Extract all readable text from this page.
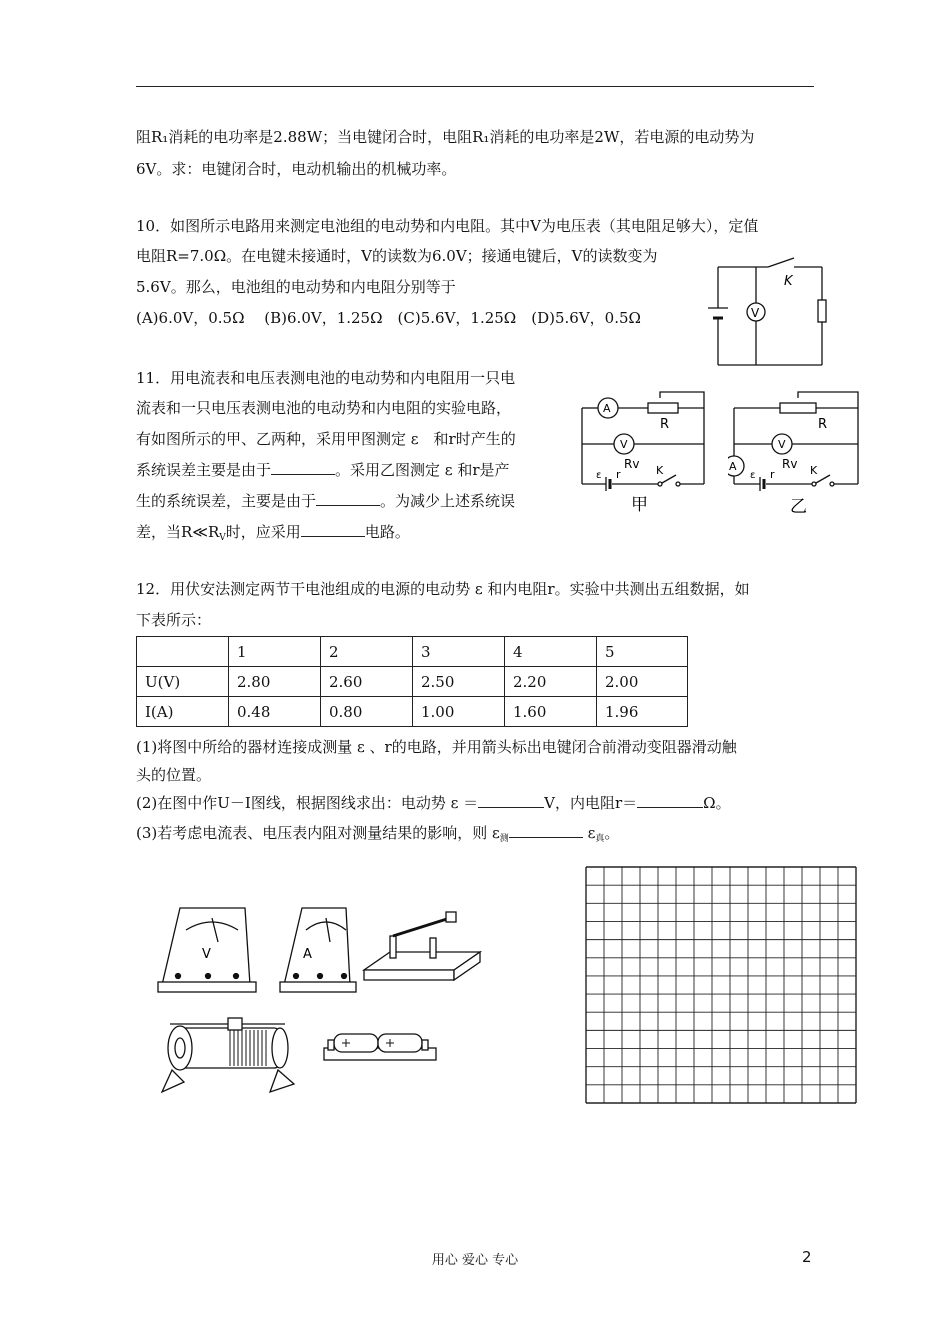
阻R₁消耗的电功率是2.88W；当电键闭合时，电阻R₁消耗的电功率是2W，若电源的电动势为
6V。求：电键闭合时，电动机输出的机械功率。
10．如图所示电路用来测定电池组的电动势和内电阻。其中V为电压表（其电阻足够大），定值
电阻R=7.0Ω。在电键未接通时，V的读数为6.0V；接通电键后，V的读数变为
5.6V。那么，电池组的电动势和内电阻分别等于
(A)6.0V，0.5Ω　 (B)6.0V，1.25Ω　(C)5.6V，1.25Ω　(D)5.6V，0.5Ω	V
K
11．用电流表和电压表测电池的电动势和内电阻用一只电
流表和一只电压表测电池的电动势和内电阻的实验电路，
有如图所示的甲、乙两种，采用甲图测定 ε　和r时产生的
系统误差主要是由于	。采用乙图测定 ε 和r是产
生的系统误差，主要是由于	。为减少上述系统误
差，当$R≪R_V$时，应采用	电路。
A
R
V
Rv
ε r	K
甲
A
R
V
Rv
ε r	K
乙
12．用伏安法测定两节干电池组成的电源的电动势 ε 和内电阻r。实验中共测出五组数据，如
下表所示：
	1	2	3	4	5
U(V)	2.80	2.60	2.50	2.20	2.00
I(A)	0.48	0.80	1.00	1.60	1.96
(1)将图中所给的器材连接成测量 ε 、r的电路，并用箭头标出电键闭合前滑动变阻器滑动触
头的位置。
(2)在图中作U－I图线，根据图线求出：电动势 ε ＝	V，内电阻r＝	Ω。
(3)若考虑电流表、电压表内阻对测量结果的影响，则 $\varepsilon_测$	$\varepsilon_真$。
V	A
用心 爱心 专心	2
